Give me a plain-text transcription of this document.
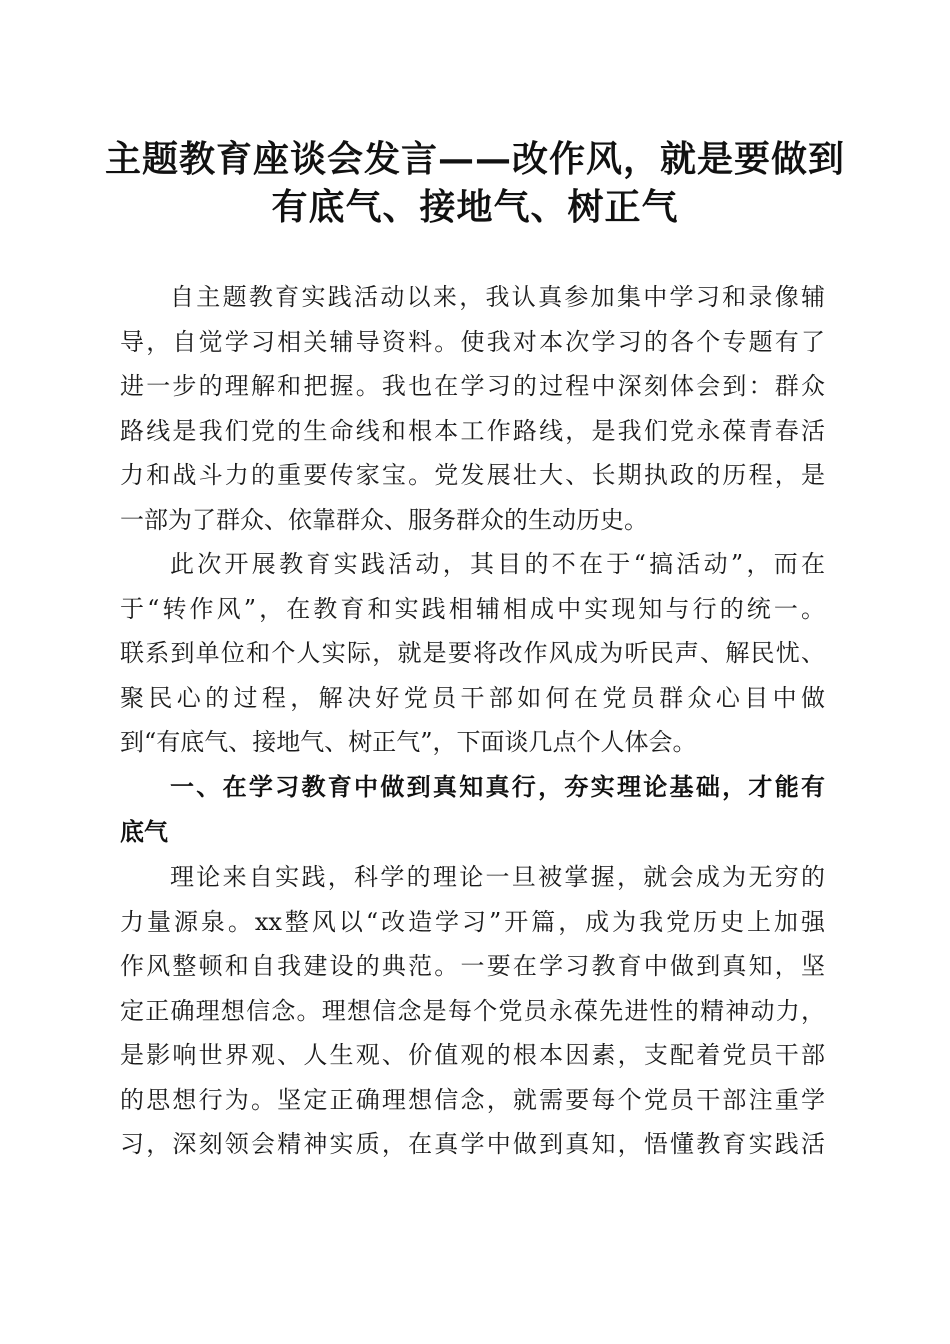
主题教育座谈会发言——改作风，就是要做到
有底气、接地气、树正气
自主题教育实践活动以来，我认真参加集中学习和录像辅
导，自觉学习相关辅导资料。使我对本次学习的各个专题有了
进一步的理解和把握。我也在学习的过程中深刻体会到：群众
路线是我们党的生命线和根本工作路线，是我们党永葆青春活
力和战斗力的重要传家宝。党发展壮大、长期执政的历程，是
一部为了群众、依靠群众、服务群众的生动历史。
此次开展教育实践活动，其目的不在于“搞活动”，而在
于“转作风”，在教育和实践相辅相成中实现知与行的统一。
联系到单位和个人实际，就是要将改作风成为听民声、解民忧、
聚民心的过程，解决好党员干部如何在党员群众心目中做
到“有底气、接地气、树正气”，下面谈几点个人体会。
一、在学习教育中做到真知真行，夯实理论基础，才能有
底气
理论来自实践，科学的理论一旦被掌握，就会成为无穷的
力量源泉。xx整风以“改造学习”开篇，成为我党历史上加强
作风整顿和自我建设的典范。一要在学习教育中做到真知，坚
定正确理想信念。理想信念是每个党员永葆先进性的精神动力，
是影响世界观、人生观、价值观的根本因素，支配着党员干部
的思想行为。坚定正确理想信念，就需要每个党员干部注重学
习，深刻领会精神实质，在真学中做到真知，悟懂教育实践活
